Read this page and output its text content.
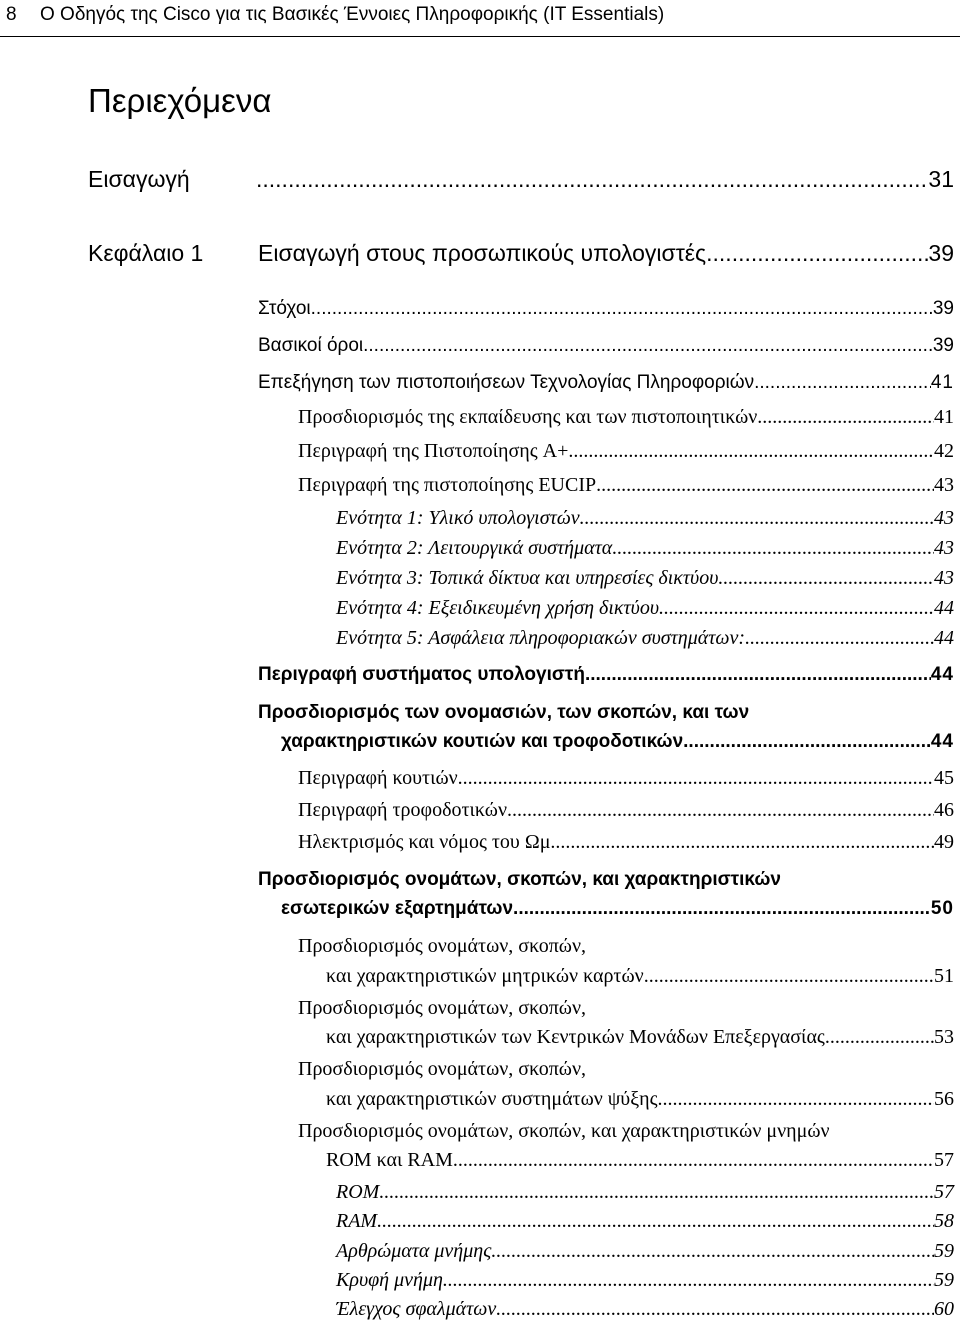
8 Ο Οδηγός της Cisco για τις Βασικές Έννοιες Πληροφορικής (IT Essentials)
Περιεχόμενα
Εισαγωγή .....	31
Κεφάλαιο 1	Εισαγωγή στους προσωπικούς υπολογιστές .....	39
Στόχοι .....	39
Βασικοί όροι .....	39
Επεξήγηση των πιστοποιήσεων Τεχνολογίας Πληροφοριών .....	41
Προσδιορισμός της εκπαίδευσης και των πιστοποιητικών .....	41
Περιγραφή της Πιστοποίησης A+ .....	42
Περιγραφή της πιστοποίησης EUCIP .....	43
Ενότητα 1: Υλικό υπολογιστών .....	43
Ενότητα 2: Λειτουργικά συστήματα .....	43
Ενότητα 3: Τοπικά δίκτυα και υπηρεσίες δικτύου .....	43
Ενότητα 4: Εξειδικευμένη χρήση δικτύου .....	44
Ενότητα 5: Ασφάλεια πληροφοριακών συστημάτων: .....	44
Περιγραφή συστήματος υπολογιστή .....	44
Προσδιορισμός των ονομασιών, των σκοπών, και των
χαρακτηριστικών κουτιών και τροφοδοτικών .....	44
Περιγραφή κουτιών .....	45
Περιγραφή τροφοδοτικών .....	46
Ηλεκτρισμός και νόμος του Ωμ .....	49
Προσδιορισμός ονομάτων, σκοπών, και χαρακτηριστικών
εσωτερικών εξαρτημάτων .....	50
Προσδιορισμός ονομάτων, σκοπών,
και χαρακτηριστικών μητρικών καρτών .....	51
Προσδιορισμός ονομάτων, σκοπών,
και χαρακτηριστικών των Κεντρικών Μονάδων Επεξεργασίας .....	53
Προσδιορισμός ονομάτων, σκοπών,
και χαρακτηριστικών συστημάτων ψύξης .....	56
Προσδιορισμός ονομάτων, σκοπών, και χαρακτηριστικών μνημών
ROM και RAM .....	57
ROM .....	57
RAM .....	58
Αρθρώματα μνήμης .....	59
Κρυφή μνήμη .....	59
Έλεγχος σφαλμάτων .....	60
